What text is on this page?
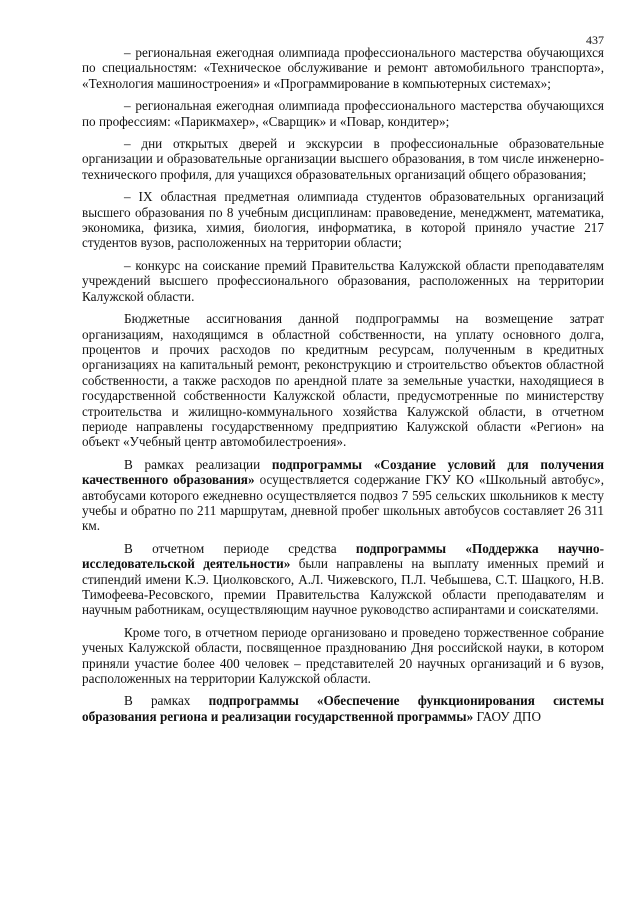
437

– региональная ежегодная олимпиада профессионального мастерства обучающихся по специальностям: «Техническое обслуживание и ремонт автомобильного транспорта», «Технология машиностроения» и «Программирование в компьютерных системах»;

– региональная ежегодная олимпиада профессионального мастерства обучающихся по профессиям: «Парикмахер», «Сварщик» и «Повар, кондитер»;

– дни открытых дверей и экскурсии в профессиональные образовательные организации и образовательные организации высшего образования, в том числе инженерно-технического профиля, для учащихся образовательных организаций общего образования;

– IX областная предметная олимпиада студентов образовательных организаций высшего образования по 8 учебным дисциплинам: правоведение, менеджмент, математика, экономика, физика, химия, биология, информатика, в которой приняло участие 217 студентов вузов, расположенных на территории области;

– конкурс на соискание премий Правительства Калужской области преподавателям учреждений высшего профессионального образования, расположенных на территории Калужской области.

Бюджетные ассигнования данной подпрограммы на возмещение затрат организациям, находящимся в областной собственности, на уплату основного долга, процентов и прочих расходов по кредитным ресурсам, полученным в кредитных организациях на капитальный ремонт, реконструкцию и строительство объектов областной собственности, а также расходов по арендной плате за земельные участки, находящиеся в государственной собственности Калужской области, предусмотренные по министерству строительства и жилищно-коммунального хозяйства Калужской области, в отчетном периоде направлены государственному предприятию Калужской области «Регион» на объект «Учебный центр автомобилестроения».

В рамках реализации подпрограммы «Создание условий для получения качественного образования» осуществляется содержание ГКУ КО «Школьный автобус», автобусами которого ежедневно осуществляется подвоз 7 595 сельских школьников к месту учебы и обратно по 211 маршрутам, дневной пробег школьных автобусов составляет 26 311 км.

В отчетном периоде средства подпрограммы «Поддержка научно-исследовательской деятельности» были направлены на выплату именных премий и стипендий имени К.Э. Циолковского, А.Л. Чижевского, П.Л. Чебышева, С.Т. Шацкого, Н.В. Тимофеева-Ресовского, премии Правительства Калужской области преподавателям и научным работникам, осуществляющим научное руководство аспирантами и соискателями.

Кроме того, в отчетном периоде организовано и проведено торжественное собрание ученых Калужской области, посвященное празднованию Дня российской науки, в котором приняли участие более 400 человек – представителей 20 научных организаций и 6 вузов, расположенных на территории Калужской области.

В рамках подпрограммы «Обеспечение функционирования системы образования региона и реализации государственной программы» ГАОУ ДПО
